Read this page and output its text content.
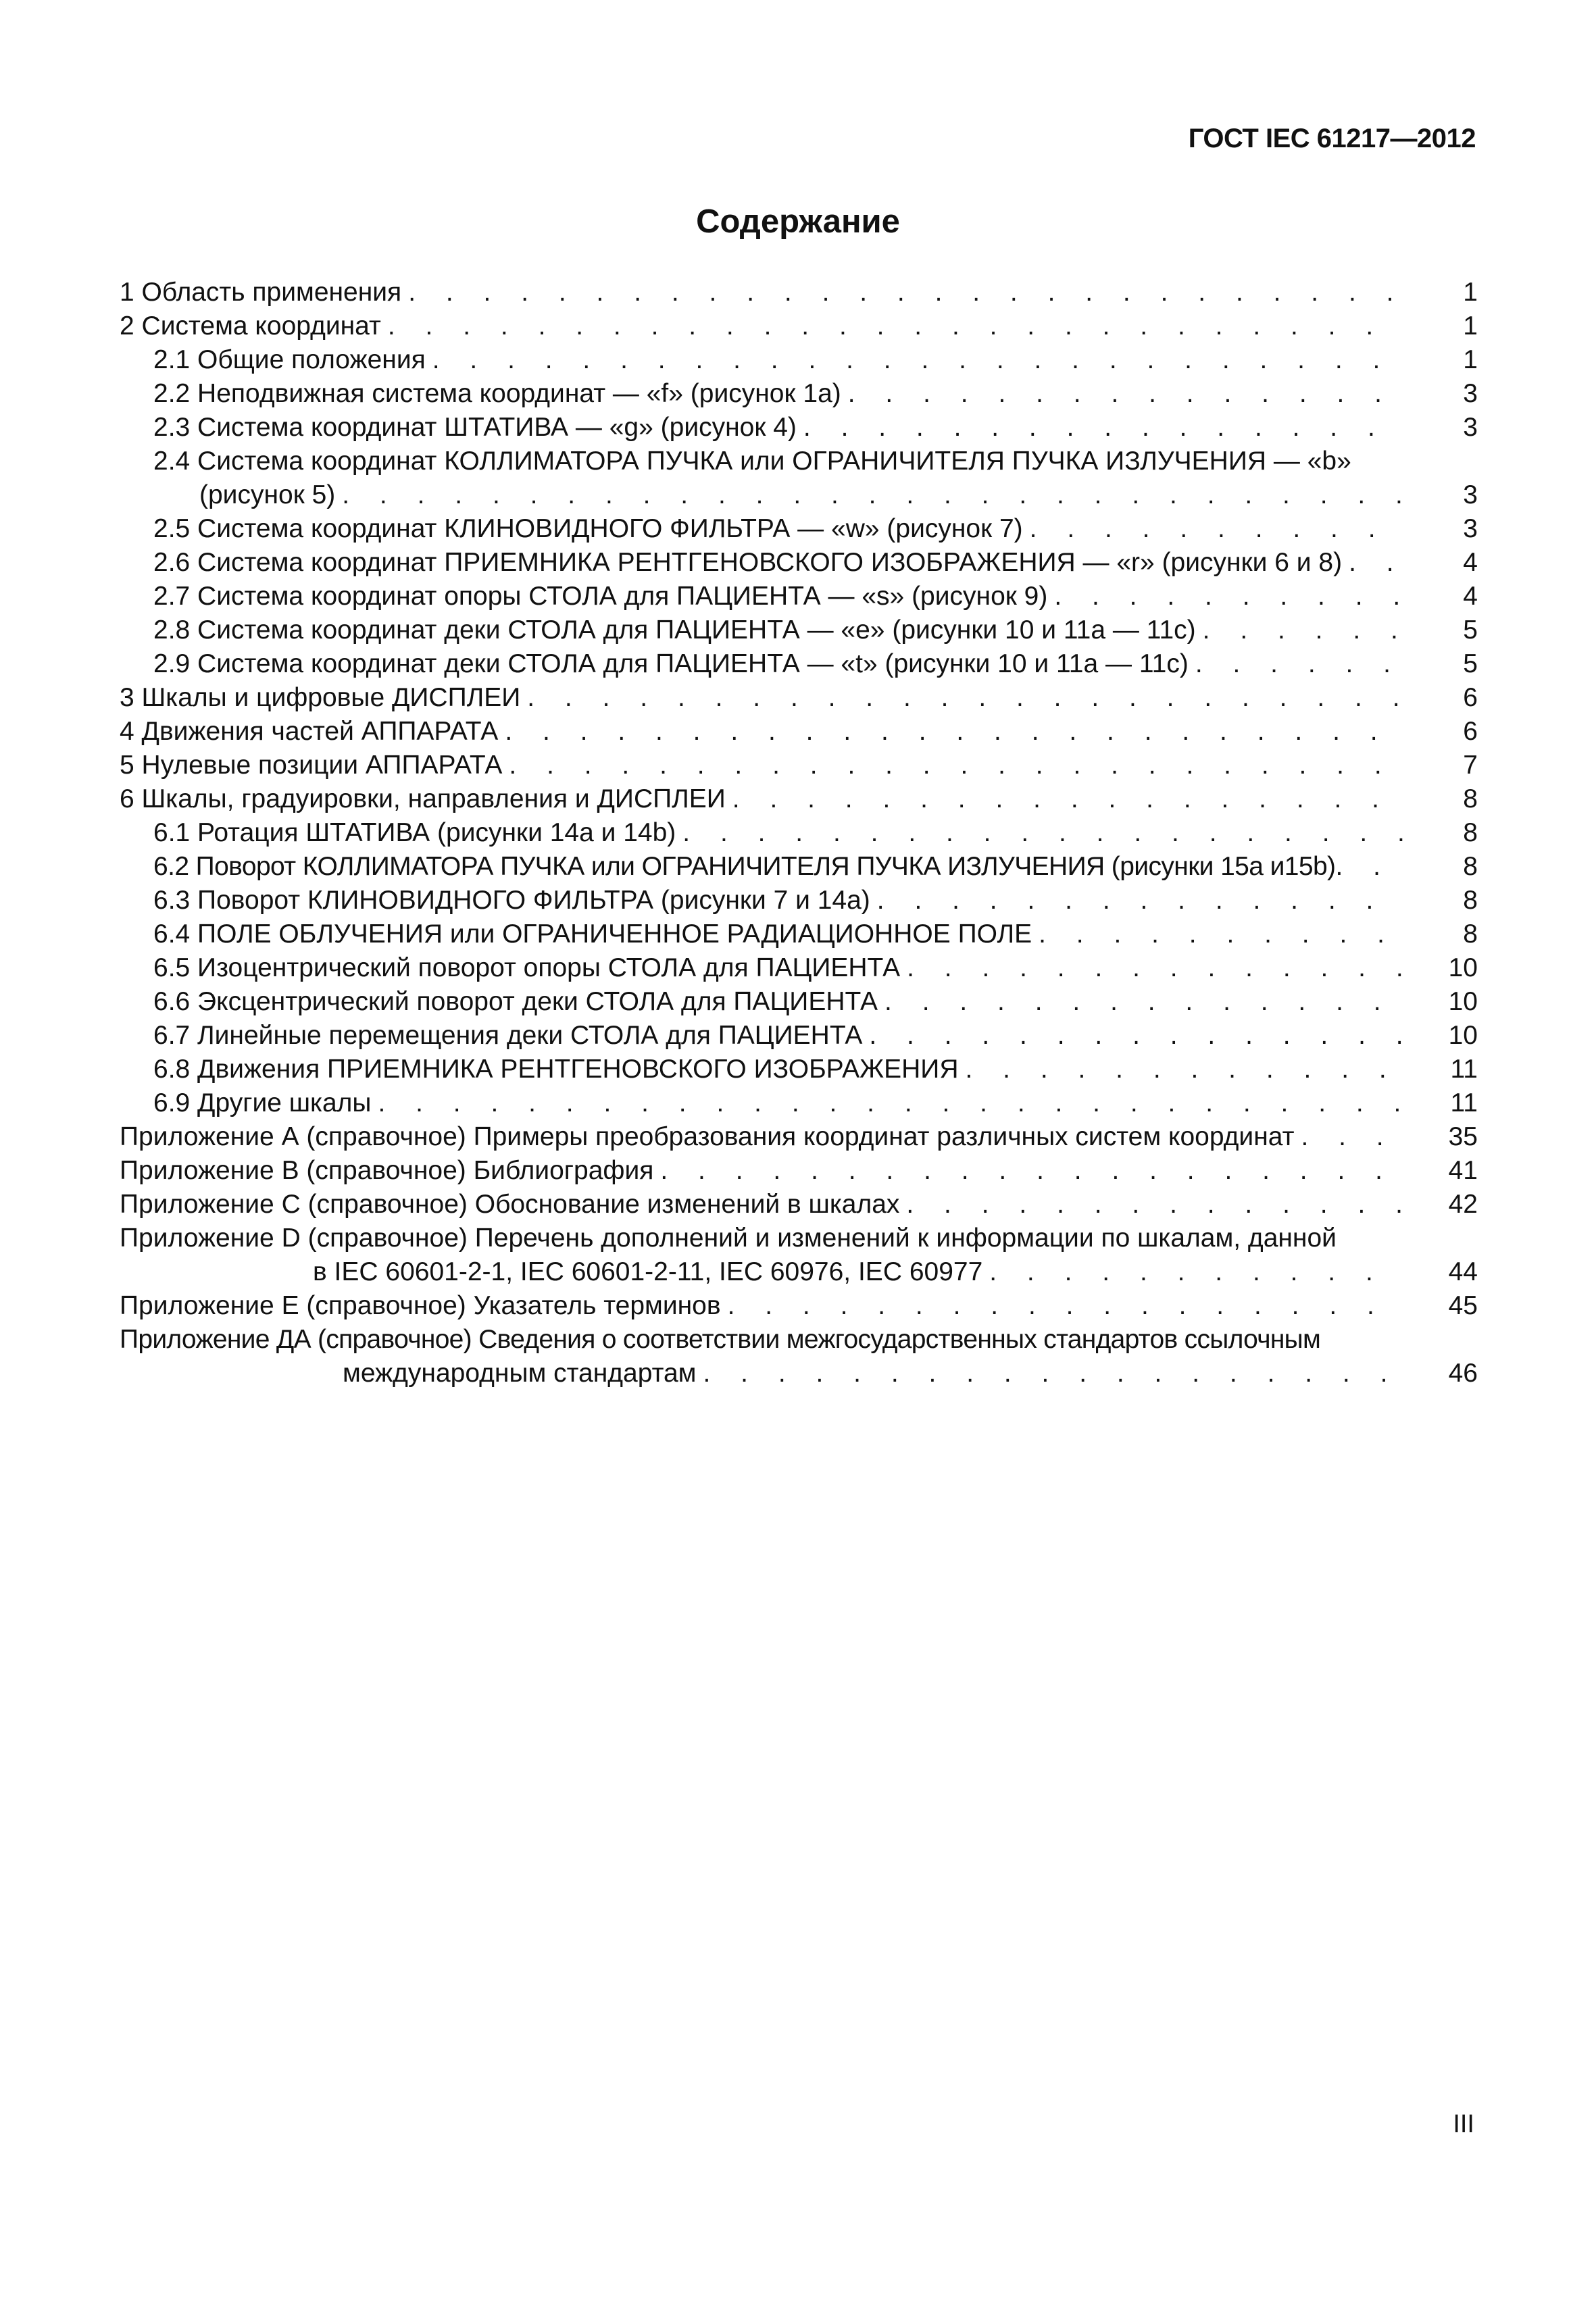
ГОСТ IEC 61217—2012
Содержание
1 Область применения . . .	1
2 Система координат . . .	1
2.1 Общие положения . . .	1
2.2 Неподвижная система координат — «f» (рисунок 1a) . . .	3
2.3 Система координат ШТАТИВА — «g» (рисунок 4) . . .	3
2.4 Система координат КОЛЛИМАТОРА ПУЧКА или ОГРАНИЧИТЕЛЯ ПУЧКА ИЗЛУЧЕНИЯ — «b»
(рисунок 5) . . .	3
2.5 Система координат КЛИНОВИДНОГО ФИЛЬТРА — «w» (рисунок 7) . . .	3
2.6 Система координат ПРИЕМНИКА РЕНТГЕНОВСКОГО ИЗОБРАЖЕНИЯ — «r» (рисунки 6 и 8) . . .	4
2.7 Система координат опоры СТОЛА для ПАЦИЕНТА — «s» (рисунок 9) . . .	4
2.8 Система координат деки СТОЛА для ПАЦИЕНТА — «e» (рисунки 10 и 11a — 11c) . . .	5
2.9 Система координат деки СТОЛА для ПАЦИЕНТА — «t» (рисунки 10 и 11a — 11c) . . .	5
3 Шкалы и цифровые ДИСПЛЕИ . . .	6
4 Движения частей АППАРАТА . . .	6
5 Нулевые позиции АППАРАТА . . .	7
6 Шкалы, градуировки, направления и ДИСПЛЕИ . . .	8
6.1 Ротация ШТАТИВА (рисунки 14a и 14b) . . .	8
6.2 Поворот КОЛЛИМАТОРА ПУЧКА или ОГРАНИЧИТЕЛЯ ПУЧКА ИЗЛУЧЕНИЯ (рисунки 15a и15b) . . .	8
6.3 Поворот КЛИНОВИДНОГО ФИЛЬТРА (рисунки 7 и 14a) . . .	8
6.4 ПОЛЕ ОБЛУЧЕНИЯ или ОГРАНИЧЕННОЕ РАДИАЦИОННОЕ ПОЛЕ . . .	8
6.5 Изоцентрический поворот опоры СТОЛА для ПАЦИЕНТА . . .	10
6.6 Эксцентрический поворот деки СТОЛА для ПАЦИЕНТА . . .	10
6.7 Линейные перемещения деки СТОЛА для ПАЦИЕНТА . . .	10
6.8 Движения ПРИЕМНИКА РЕНТГЕНОВСКОГО ИЗОБРАЖЕНИЯ . . .	11
6.9 Другие шкалы . . .	11
Приложение А (справочное) Примеры преобразования координат различных систем координат . . .	35
Приложение В (справочное) Библиография . . .	41
Приложение С (справочное) Обоснование изменений в шкалах . . .	42
Приложение D (справочное) Перечень дополнений и изменений к информации по шкалам, данной
в IEC 60601-2-1, IEC 60601-2-11, IEC 60976, IEC 60977 . . .	44
Приложение Е (справочное) Указатель терминов . . .	45
Приложение ДА (справочное) Сведения о соответствии межгосударственных стандартов ссылочным
международным стандартам . . .	46
III
